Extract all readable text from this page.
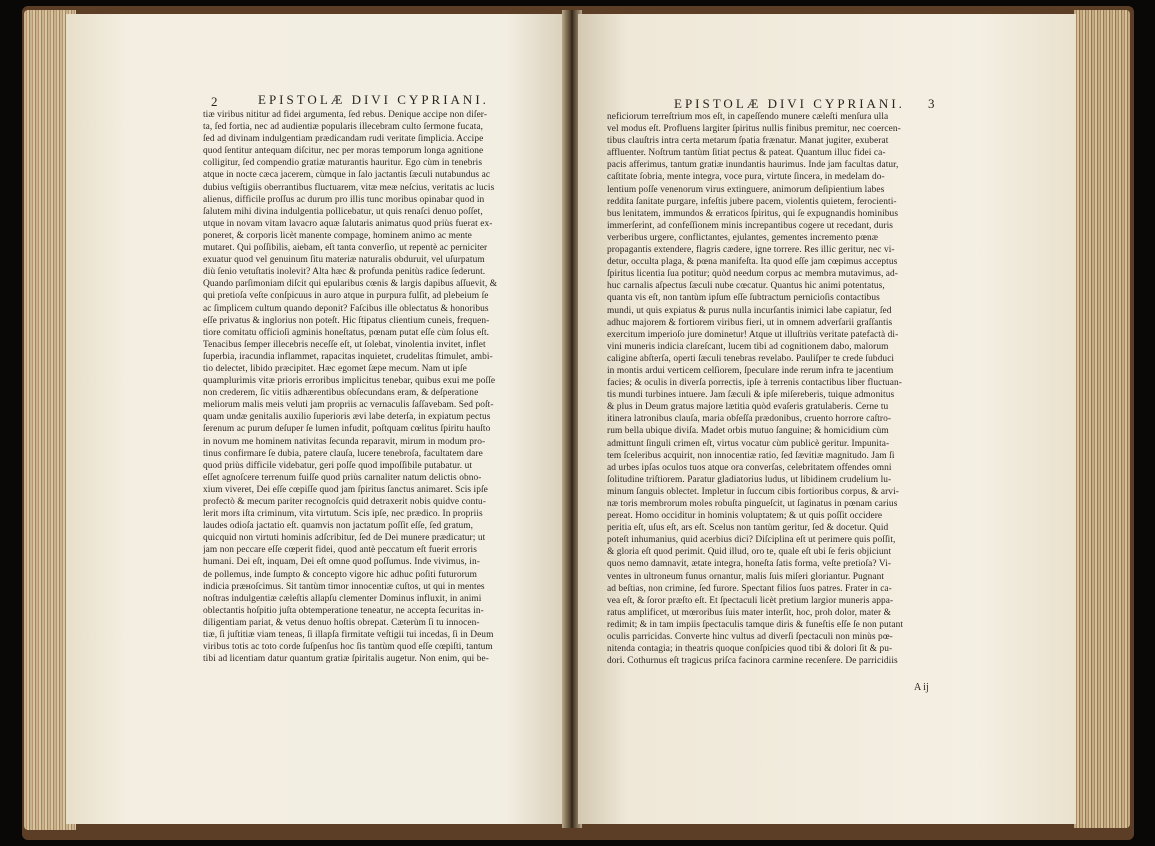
2	EPISTOLÆ DIVI CYPRIANI.
tiæ viribus nititur ad fidei argumenta, ſed rebus. Denique accipe non diſer-
ta, ſed fortia, nec ad audientiæ popularis illecebram culto ſermone fucata,
ſed ad divinam indulgentiam prædicandam rudi veritate ſimplicia. Accipe
quod ſentitur antequam diſcitur, nec per moras temporum longa agnitione
colligitur, ſed compendio gratiæ maturantis hauritur. Ego cùm in tenebris
atque in nocte cæca jacerem, cùmque in ſalo jactantis ſæculi nutabundus ac
dubius veſtigiis oberrantibus fluctuarem, vitæ meæ neſcius, veritatis ac lucis
alienus, difficile proſſus ac durum pro illis tunc moribus opinabar quod in
ſalutem mihi divina indulgentia pollicebatur, ut quis renaſci denuo poſſet,
utque in novam vitam lavacro aquæ ſalutaris animatus quod priùs fuerat ex-
poneret, & corporis licèt manente compage, hominem animo ac mente
mutaret. Qui poſſibilis, aiebam, eſt tanta converſio, ut repentè ac perniciter
exuatur quod vel genuinum ſitu materiæ naturalis obduruit, vel uſurpatum
diù ſenio vetuſtatis inolevit? Alta hæc & profunda penitùs radice ſederunt.
Quando parſimoniam diſcit qui epularibus cœnis & largis dapibus aſſuevit, &
qui pretioſa veſte conſpicuus in auro atque in purpura fulſit, ad plebeium ſe
ac ſimplicem cultum quando deponit? Faſcibus ille oblectatus & honoribus
eſſe privatus & inglorius non poteſt. Hic ſtipatus clientium cuneis, frequen-
tiore comitatu officioſi agminis honeſtatus, pœnam putat eſſe cùm ſolus eſt.
Tenacibus ſemper illecebris neceſſe eſt, ut ſolebat, vinolentia invitet, inflet
ſuperbia, iracundia inflammet, rapacitas inquietet, crudelitas ſtimulet, ambi-
tio delectet, libido præcipitet. Hæc egomet ſæpe mecum. Nam ut ipſe
quamplurimis vitæ prioris erroribus implicitus tenebar, quibus exui me poſſe
non crederem, ſic vitiis adhærentibus obſecundans eram, & deſperatione
meliorum malis meis veluti jam propriis ac vernaculis ſaſſavebam. Sed poſt-
quam undæ genitalis auxilio ſuperioris ævi labe deterſa, in expiatum pectus
ſerenum ac purum deſuper ſe lumen infudit, poſtquam cœlitus ſpiritu hauſto
in novum me hominem nativitas ſecunda reparavit, mirum in modum pro-
tinus confirmare ſe dubia, patere clauſa, lucere tenebroſa, facultatem dare
quod priùs difficile videbatur, geri poſſe quod impoſſibile putabatur. ut
eſſet agnoſcere terrenum fuiſſe quod priùs carnaliter natum delictis obno-
xium viveret, Dei eſſe cœpiſſe quod jam ſpiritus ſanctus animaret. Scis ipſe
profectò & mecum pariter recognoſcis quid detraxerit nobis quidve contu-
lerit mors iſta criminum, vita virtutum. Scis ipſe, nec prædico. In propriis
laudes odioſa jactatio eſt. quamvis non jactatum poſſit eſſe, ſed gratum,
quicquid non virtuti hominis adſcribitur, ſed de Dei munere prædicatur; ut
jam non peccare eſſe cœperit fidei, quod antè peccatum eſt fuerit erroris
humani. Dei eſt, inquam, Dei eſt omne quod poſſumus. Inde vivimus, in-
de pollemus, inde ſumpto & concepto vigore hic adhuc poſiti futurorum
indicia præноſcimus. Sit tantùm timor innocentiæ cuſtos, ut qui in mentes
noſtras indulgentiæ cæleſtis allapſu clementer Dominus influxit, in animi
oblectantis hoſpitio juſta obtemperatione teneatur, ne accepta ſecuritas in-
diligentiam pariat, & vetus denuo hoſtis obrepat. Cæterùm ſi tu innocen-
tiæ, ſi juſtitiæ viam teneas, ſi illapſa firmitate veſtigii tui incedas, ſi in Deum
viribus totis ac toto corde ſuſpenſus hoc ſis tantùm quod eſſe cœpiſti, tantum
tibi ad licentiam datur quantum gratiæ ſpiritalis augetur. Non enim, qui be-
EPISTOLÆ DIVI CYPRIANI. 3
neficiorum terreſtrium mos eſt, in capeſſendo munere cæleſti menſura ulla
vel modus eſt. Profluens largiter ſpiritus nullis finibus premitur, nec coercen-
tibus clauſtris intra certa metarum ſpatia frænatur. Manat jugiter, exuberat
affluenter. Noſtrum tantùm ſitiat pectus & pateat. Quantum illuc fidei ca-
pacis afferimus, tantum gratiæ inundantis haurimus. Inde jam facultas datur,
caſtitate ſobria, mente integra, voce pura, virtute ſincera, in medelam do-
lentium poſſe venenorum virus extinguere, animorum deſipientium labes
reddita ſanitate purgare, infeſtis jubere pacem, violentis quietem, ferocienti-
bus lenitatem, immundos & erraticos ſpiritus, qui ſe expugnandis hominibus
immerſerint, ad confeſſionem minis increpantibus cogere ut recedant, duris
verberibus urgere, conflictantes, ejulantes, gementes incremento pœnæ
propagantis extendere, flagris cædere, igne torrere. Res illic geritur, nec vi-
detur, occulta plaga, & pœna manifeſta. Ita quod eſſe jam cœpimus acceptus
ſpiritus licentia ſua potitur; quòd needum corpus ac membra mutavimus, ad-
huc carnalis aſpectus ſæculi nube cœcatur. Quantus hic animi potentatus,
quanta vis eſt, non tantùm ipſum eſſe ſubtractum pernicioſis contactibus
mundi, ut quis expiatus & purus nulla incurſantis inimici labe capiatur, ſed
adhuc majorem & fortiorem viribus fieri, ut in omnem adverſarii graſſantis
exercitum imperioſo jure dominetur! Atque ut illuſtriùs veritate patefactà di-
vini muneris indicia clareſcant, lucem tibi ad cognitionem dabo, malorum
caligine abſterſa, operti ſæculi tenebras revelabo. Pauliſper te crede ſubduci
in montis ardui verticem celſiorem, ſpeculare inde rerum infra te jacentium
facies; & oculis in diverſa porrectis, ipſe à terrenis contactibus liber fluctuan-
tis mundi turbines intuere. Jam ſæculi & ipſe miſereberis, tuique admonitus
& plus in Deum gratus majore lætitia quòd evaſeris gratulaberis. Cerne tu
itinera latronibus clauſa, maria obſeſſa prædonibus, cruento horrore caſtro-
rum bella ubique diviſa. Madet orbis mutuo ſanguine; & homicidium cùm
admittunt ſinguli crimen eſt, virtus vocatur cùm publicè geritur. Impunita-
tem ſceleribus acquirit, non innocentiæ ratio, ſed ſævitiæ magnitudo. Jam ſi
ad urbes ipſas oculos tuos atque ora converſas, celebritatem offendes omni
ſolitudine triſtiorem. Paratur gladiatorius ludus, ut libidinem crudelium lu-
minum ſanguis oblectet. Impletur in ſuccum cibis fortioribus corpus, & arvi-
næ toris membrorum moles robuſta pingueſcit, ut ſaginatus in pœnam carius
pereat. Homo occiditur in hominis voluptatem; & ut quis poſſit occidere
peritia eſt, uſus eſt, ars eſt. Scelus non tantùm geritur, ſed & docetur. Quid
poteſt inhumanius, quid acerbius dici? Diſciplina eſt ut perimere quis poſſit,
& gloria eſt quod perimit. Quid illud, oro te, quale eſt ubi ſe feris objiciunt
quos nemo damnavit, ætate integra, honeſta ſatis forma, veſte pretioſa? Vi-
ventes in ultroneum funus ornantur, malis ſuis miſeri gloriantur. Pugnant
ad beſtias, non crimine, ſed furore. Spectant filios ſuos patres. Frater in ca-
vea eſt, & ſoror præſto eſt. Et ſpectaculi licèt pretium largior muneris appa-
ratus amplificet, ut mœroribus ſuis mater interſit, hoc, proh dolor, mater &
redimit; & in tam impiis ſpectaculis tamque diris & funeſtis eſſe ſe non putant
oculis parricidas. Converte hinc vultus ad diverſi ſpectaculi non minùs pœ-
nitenda contagia; in theatris quoque conſpicies quod tibi & dolori ſit & pu-
dori. Cothurnus eſt tragicus priſca facinora carmine recenſere. De parricidiis
A ij
